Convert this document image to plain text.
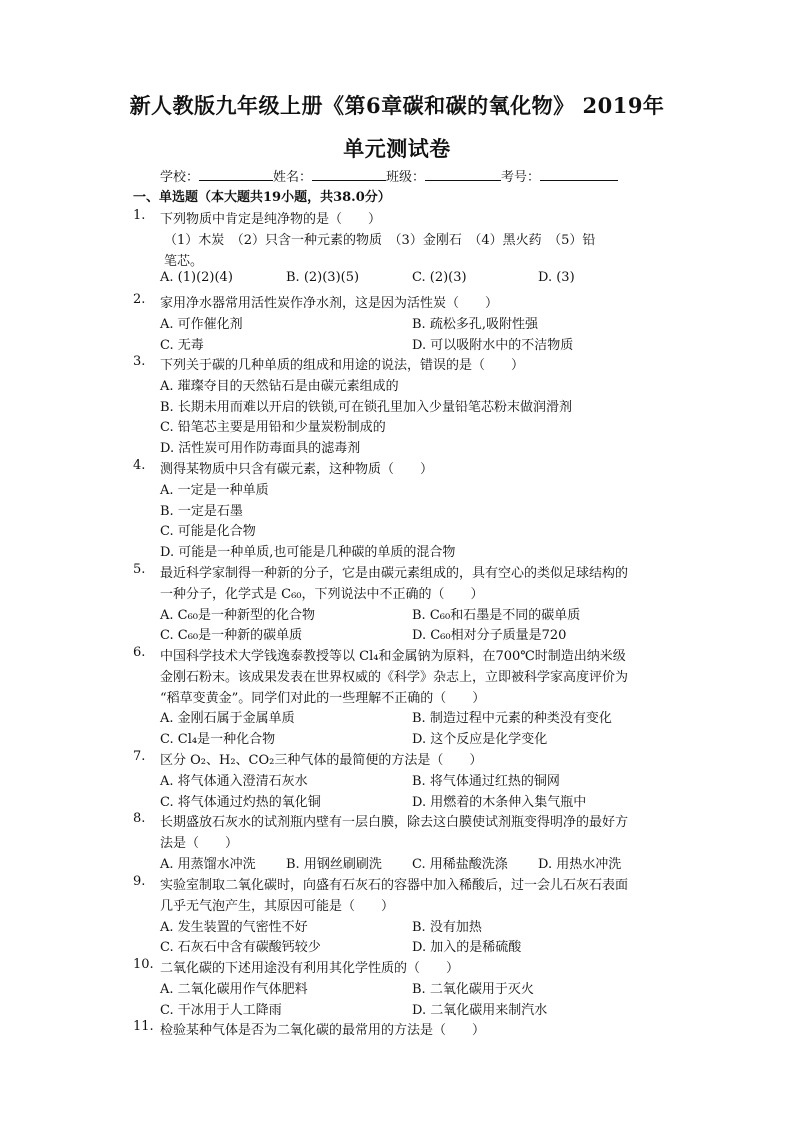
新人教版九年级上册《第6章碳和碳的氧化物》 2019年
单元测试卷
学校：	姓名：	班级：	考号：
一、单选题（本大题共19小题，共38.0分）
1. 下列物质中肯定是纯净物的是（　　）
（1）木炭　（2）只含一种元素的物质　（3）金刚石　（4）黑火药　（5）铅
笔芯。
A. (1)(2)(4)	B. (2)(3)(5)	C. (2)(3)	D. (3)
2. 家用净水器常用活性炭作净水剂，这是因为活性炭（　　）
A. 可作催化剂	B. 疏松多孔,吸附性强
C. 无毒	D. 可以吸附水中的不洁物质
3. 下列关于碳的几种单质的组成和用途的说法，错误的是（　　）
A. 璀璨夺目的天然钻石是由碳元素组成的
B. 长期未用而难以开启的铁锁,可在锁孔里加入少量铅笔芯粉末做润滑剂
C. 铅笔芯主要是用铅和少量炭粉制成的
D. 活性炭可用作防毒面具的滤毒剂
4. 测得某物质中只含有碳元素，这种物质（　　）
A. 一定是一种单质
B. 一定是石墨
C. 可能是化合物
D. 可能是一种单质,也可能是几种碳的单质的混合物
5. 最近科学家制得一种新的分子，它是由碳元素组成的，具有空心的类似足球结构的
一种分子，化学式是 C₆₀，下列说法中不正确的（　　）
A. C₆₀是一种新型的化合物	B. C₆₀和石墨是不同的碳单质
C. C₆₀是一种新的碳单质	D. C₆₀相对分子质量是720
6. 中国科学技术大学钱逸泰教授等以 Cl₄和金属钠为原料，在700℃时制造出纳米级
金刚石粉末。该成果发表在世界权威的《科学》杂志上，立即被科学家高度评价为
“稻草变黄金”。同学们对此的一些理解不正确的（　　）
A. 金刚石属于金属单质	B. 制造过程中元素的种类没有变化
C. Cl₄是一种化合物	D. 这个反应是化学变化
7. 区分 O₂、H₂、CO₂三种气体的最简便的方法是（　　）
A. 将气体通入澄清石灰水	B. 将气体通过红热的铜网
C. 将气体通过灼热的氧化铜	D. 用燃着的木条伸入集气瓶中
8. 长期盛放石灰水的试剂瓶内壁有一层白膜，除去这白膜使试剂瓶变得明净的最好方
法是（　　）
A. 用蒸馏水冲洗 B. 用钢丝刷刷洗 C. 用稀盐酸洗涤 D. 用热水冲洗
9. 实验室制取二氧化碳时，向盛有石灰石的容器中加入稀酸后，过一会儿石灰石表面
几乎无气泡产生，其原因可能是（　　）
A. 发生装置的气密性不好	B. 没有加热
C. 石灰石中含有碳酸钙较少	D. 加入的是稀硫酸
10. 二氧化碳的下述用途没有利用其化学性质的（　　）
A. 二氧化碳用作气体肥料	B. 二氧化碳用于灭火
C. 干冰用于人工降雨	D. 二氧化碳用来制汽水
11. 检验某种气体是否为二氧化碳的最常用的方法是（　　）
